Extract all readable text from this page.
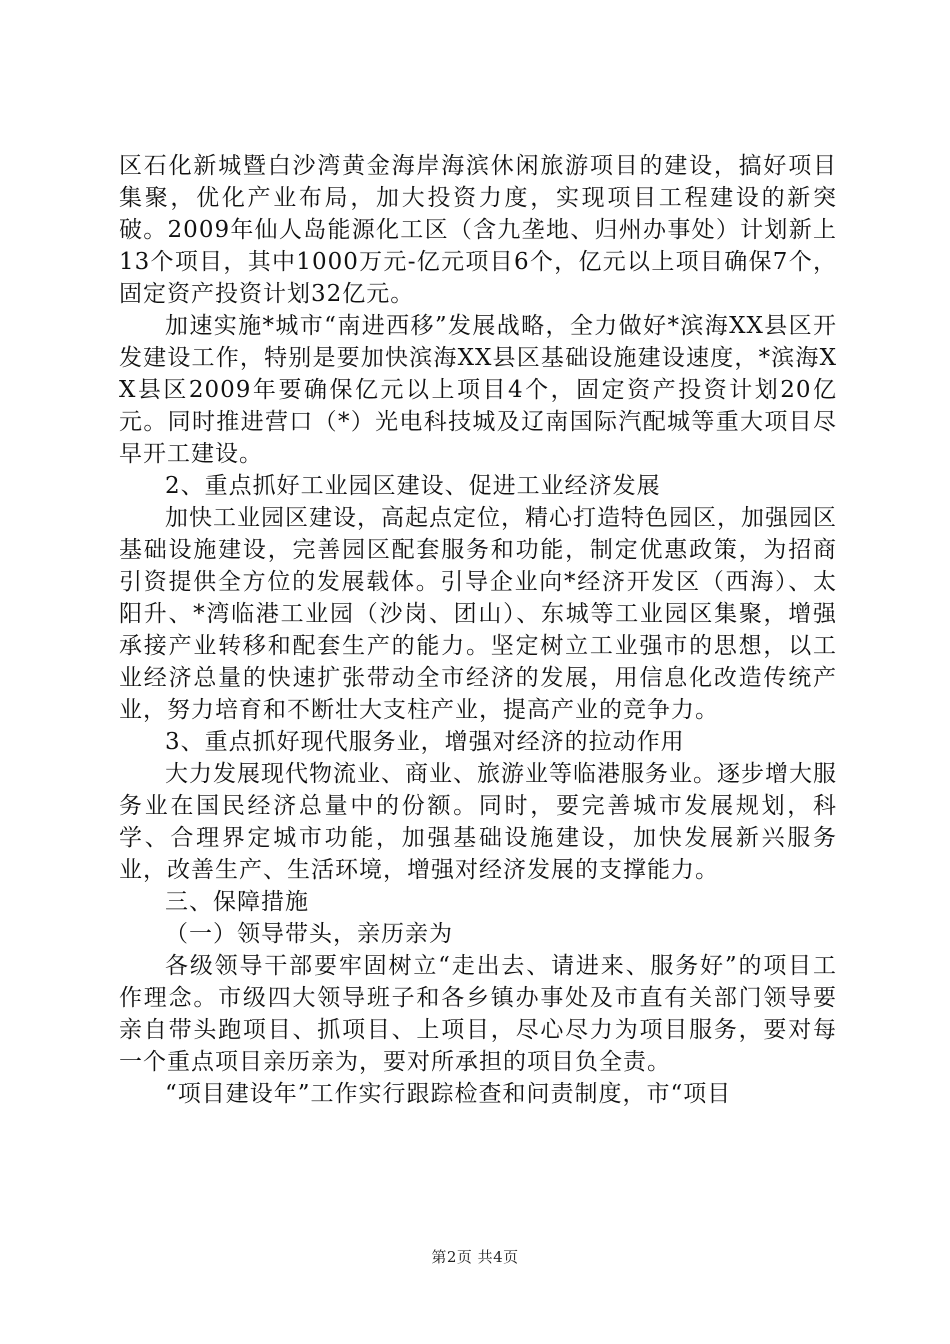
区石化新城暨白沙湾黄金海岸海滨休闲旅游项目的建设，搞好项目集聚，优化产业布局，加大投资力度，实现项目工程建设的新突破。2009年仙人岛能源化工区（含九垄地、归州办事处）计划新上13个项目，其中1000万元-亿元项目6个，亿元以上项目确保7个，固定资产投资计划32亿元。

加速实施*城市“南进西移”发展战略，全力做好*滨海XX县区开发建设工作，特别是要加快滨海XX县区基础设施建设速度，*滨海XX县区2009年要确保亿元以上项目4个，固定资产投资计划20亿元。同时推进营口（*）光电科技城及辽南国际汽配城等重大项目尽早开工建设。

2、重点抓好工业园区建设、促进工业经济发展

加快工业园区建设，高起点定位，精心打造特色园区，加强园区基础设施建设，完善园区配套服务和功能，制定优惠政策，为招商引资提供全方位的发展载体。引导企业向*经济开发区（西海）、太阳升、*湾临港工业园（沙岗、团山）、东城等工业园区集聚，增强承接产业转移和配套生产的能力。坚定树立工业强市的思想，以工业经济总量的快速扩张带动全市经济的发展，用信息化改造传统产业，努力培育和不断壮大支柱产业，提高产业的竞争力。

3、重点抓好现代服务业，增强对经济的拉动作用

大力发展现代物流业、商业、旅游业等临港服务业。逐步增大服务业在国民经济总量中的份额。同时，要完善城市发展规划，科学、合理界定城市功能，加强基础设施建设，加快发展新兴服务业，改善生产、生活环境，增强对经济发展的支撑能力。

三、保障措施

（一）领导带头，亲历亲为

各级领导干部要牢固树立“走出去、请进来、服务好”的项目工作理念。市级四大领导班子和各乡镇办事处及市直有关部门领导要亲自带头跑项目、抓项目、上项目，尽心尽力为项目服务，要对每一个重点项目亲历亲为，要对所承担的项目负全责。

“项目建设年”工作实行跟踪检查和问责制度，市“项目

第2页 共4页
